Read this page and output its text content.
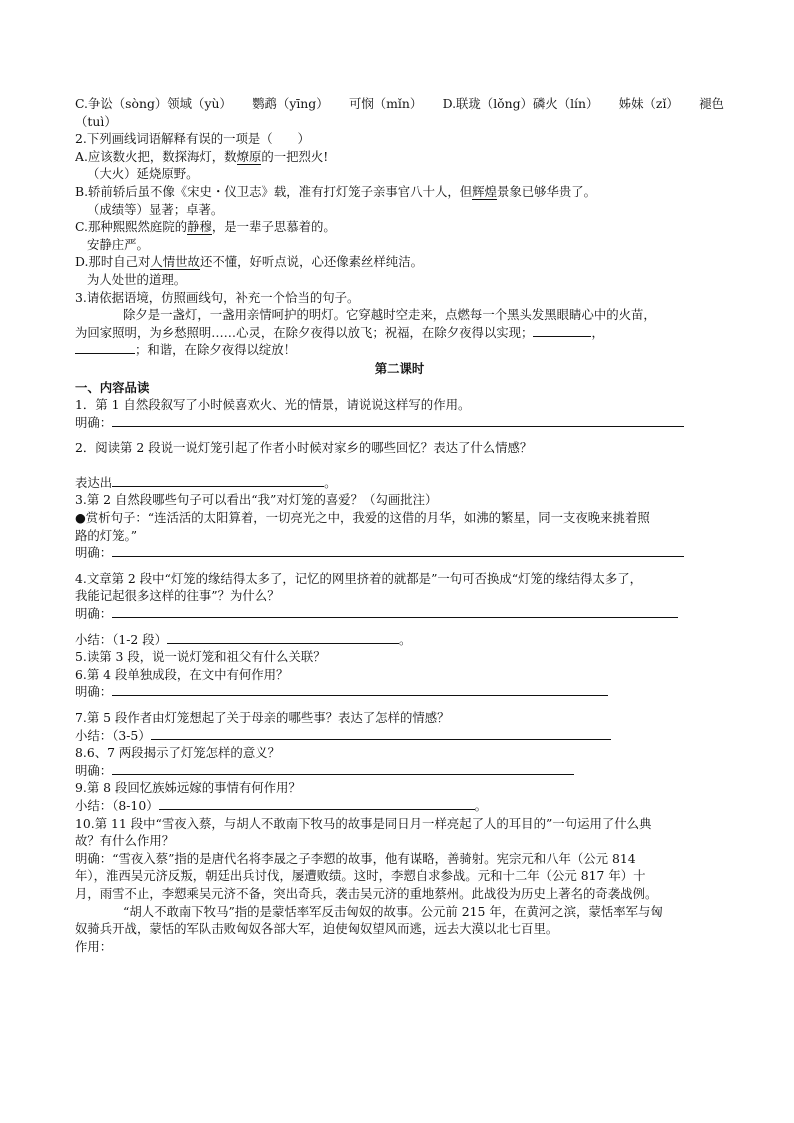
C.争讼（sòng）领域（yù） 鹦鹉（yīng） 可悯（mǐn） D.联珑（lǒng）磷火（lín） 姊妹（zǐ） 褪色
（tuì）
2.下列画线词语解释有误的一项是（　　）
A.应该数火把，数探海灯，数燎原的一把烈火!
（大火）延烧原野。
B.轿前轿后虽不像《宋史・仪卫志》载，准有打灯笼子亲事官八十人，但辉煌景象已够华贵了。
（成绩等）显著；卓著。
C.那种熙熙然庭院的静穆，是一辈子思慕着的。
安静庄严。
D.那时自己对人情世故还不懂，好听点说，心还像素丝样纯洁。
为人处世的道理。
3.请依据语境，仿照画线句，补充一个恰当的句子。
除夕是一盏灯，一盏用亲情呵护的明灯。它穿越时空走来，点燃每一个黑头发黑眼睛心中的火苗，
为回家照明，为乡愁照明……心灵，在除夕夜得以放飞；祝福，在除夕夜得以实现；	，
；和谐，在除夕夜得以绽放！
第二课时
一、内容品读
1．第 1 自然段叙写了小时候喜欢火、光的情景，请说说这样写的作用。
明确：
2．阅读第 2 段说一说灯笼引起了作者小时候对家乡的哪些回忆？表达了什么情感？
表达出	。
3.第 2 自然段哪些句子可以看出“我”对灯笼的喜爱？（勾画批注）
●赏析句子：“连活活的太阳算着，一切亮光之中，我爱的这借的月华，如沸的繁星，同一支夜晚来挑着照
路的灯笼。”
明确：
4.文章第 2 段中“灯笼的缘结得太多了，记忆的网里挤着的就都是”一句可否换成“灯笼的缘结得太多了，
我能记起很多这样的往事”？为什么？
明确：
小结：（1-2 段）	。
5.读第 3 段，说一说灯笼和祖父有什么关联？
6.第 4 段单独成段，在文中有何作用？
明确：
7.第 5 段作者由灯笼想起了关于母亲的哪些事？表达了怎样的情感？
小结：（3-5）
8.6、7 两段揭示了灯笼怎样的意义？
明确：
9.第 8 段回忆族姊远嫁的事情有何作用？
小结：（8-10）	。
10.第 11 段中“雪夜入蔡，与胡人不敢南下牧马的故事是同日月一样亮起了人的耳目的”一句运用了什么典
故？有什么作用？
明确：“雪夜入蔡”指的是唐代名将李晟之子李愬的故事，他有谋略，善骑射。宪宗元和八年（公元 814
年），淮西吴元济反叛，朝廷出兵讨伐，屡遭败绩。这时，李愬自求参战。元和十二年（公元 817 年）十
月，雨雪不止，李愬乘吴元济不备，突出奇兵，袭击吴元济的重地蔡州。此战役为历史上著名的奇袭战例。
“胡人不敢南下牧马”指的是蒙恬率军反击匈奴的故事。公元前 215 年，在黄河之滨，蒙恬率军与匈
奴骑兵开战，蒙恬的军队击败匈奴各部大军，迫使匈奴望风而逃，远去大漠以北七百里。
作用：
